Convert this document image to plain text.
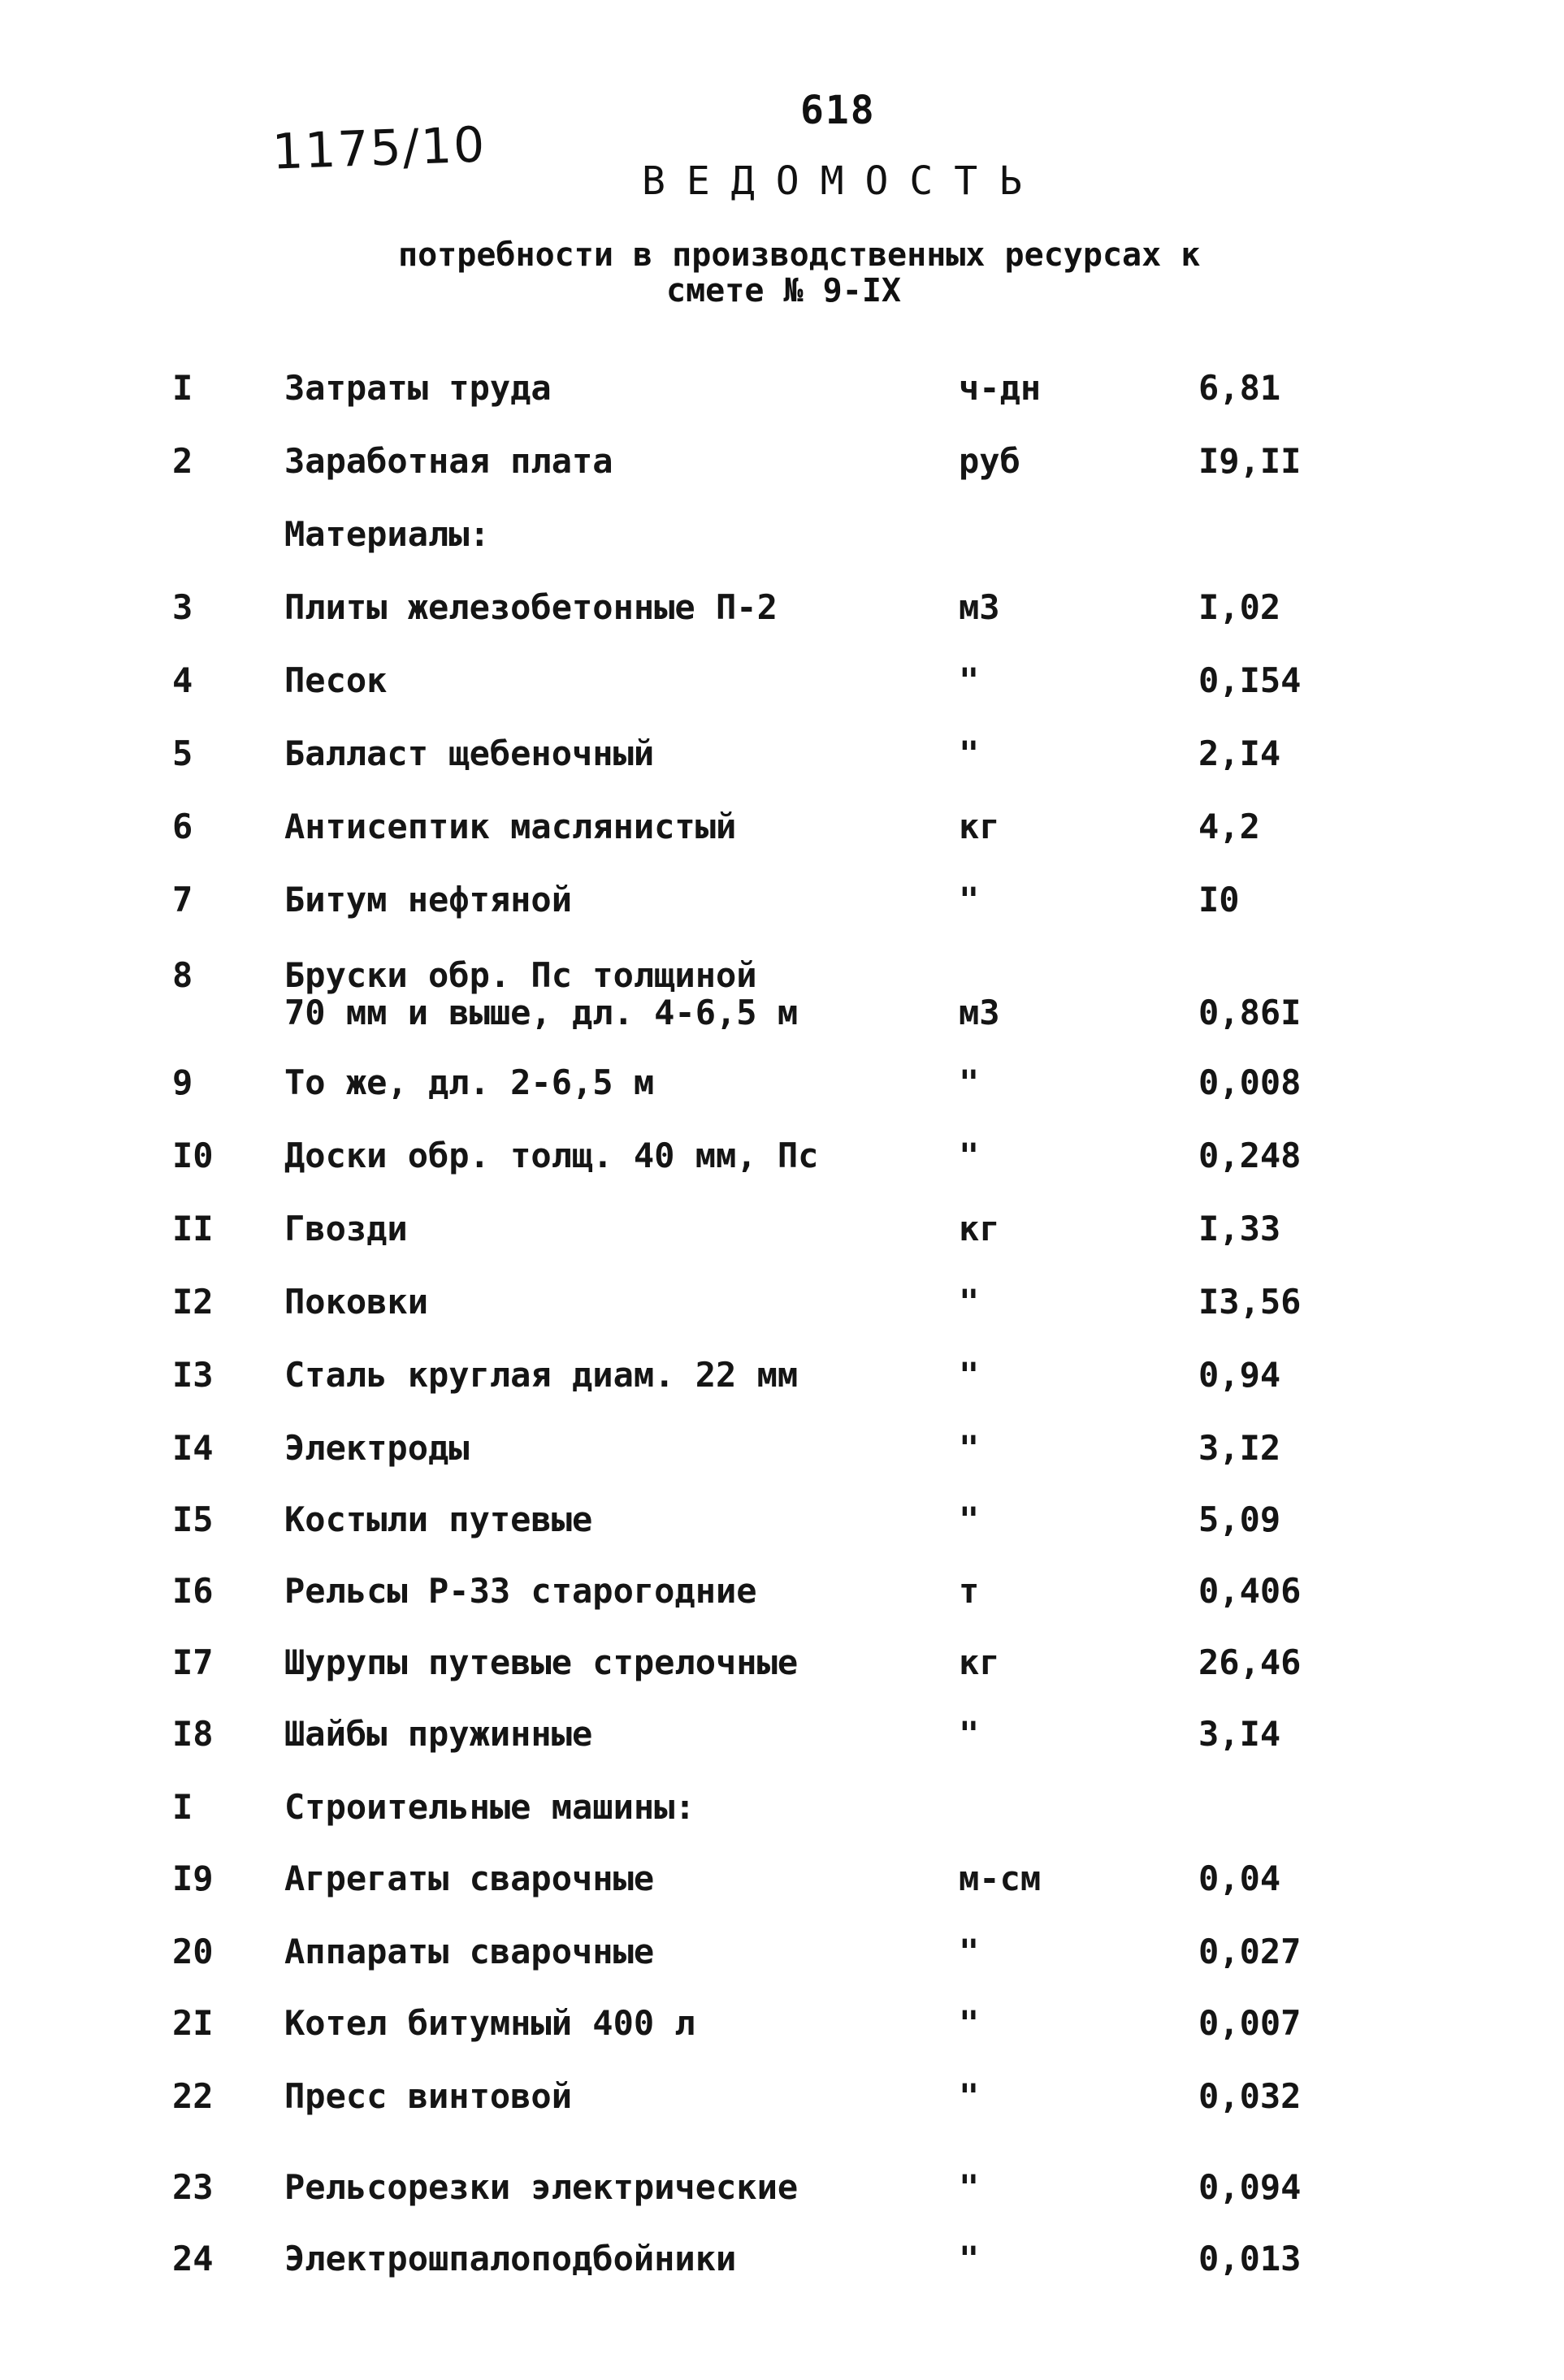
1175/10
618
ВЕДОМОСТЬ
потребности в производственных ресурсах к
смете № 9-IX
I	Затраты труда	ч-дн	6,81
2	Заработная плата	руб	I9,II
Материалы:
3	Плиты железобетонные П-2	м3	I,02
4	Песок	"	0,I54
5	Балласт щебеночный	"	2,I4
6	Антисептик маслянистый	кг	4,2
7	Битум нефтяной	"	I0
8	Бруски обр. Пс толщиной
70 мм и выше, дл. 4-6,5 м	м3	0,86I
9	То же, дл. 2-6,5 м	"	0,008
I0	Доски обр. толщ. 40 мм, Пс	"	0,248
II	Гвозди	кг	I,33
I2	Поковки	"	I3,56
I3	Сталь круглая диам. 22 мм	"	0,94
I4	Электроды	"	3,I2
I5	Костыли путевые	"	5,09
I6	Рельсы Р-33 старогодние	т	0,406
I7	Шурупы путевые стрелочные	кг	26,46
I8	Шайбы пружинные	"	3,I4
I	Строительные машины:
I9	Агрегаты сварочные	м-см	0,04
20	Аппараты сварочные	"	0,027
2I	Котел битумный 400 л	"	0,007
22	Пресс винтовой	"	0,032
23	Рельсорезки электрические	"	0,094
24	Электрошпалоподбойники	"	0,013
